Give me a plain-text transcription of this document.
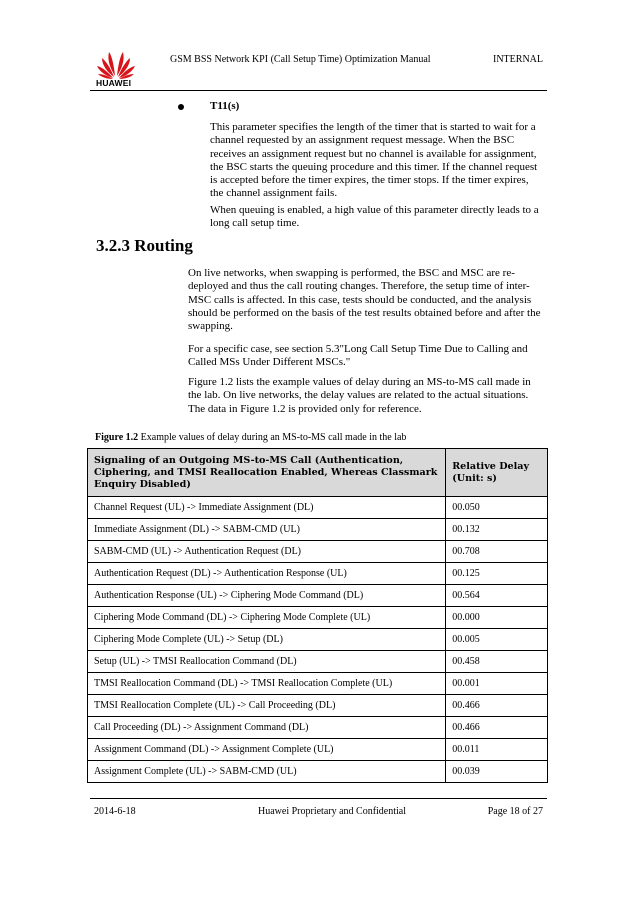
HUAWEI
GSM BSS Network KPI (Call Setup Time) Optimization Manual	INTERNAL
T11(s)

This parameter specifies the length of the timer that is started to wait for a channel requested by an assignment request message. When the BSC receives an assignment request but no channel is available for assignment, the BSC starts the queuing procedure and this timer. If the channel request is accepted before the timer expires, the timer stops. If the timer expires, the channel assignment fails.

When queuing is enabled, a high value of this parameter directly leads to a long call setup time.

3.2.3 Routing

On live networks, when swapping is performed, the BSC and MSC are re-deployed and thus the call routing changes. Therefore, the setup time of inter-MSC calls is affected. In this case, tests should be conducted, and the analysis should be performed on the basis of the test results obtained before and after the swapping.

For a specific case, see section 5.3"Long Call Setup Time Due to Calling and Called MSs Under Different MSCs."

Figure 1.2 lists the example values of delay during an MS-to-MS call made in the lab. On live networks, the delay values are related to the actual situations. The data in Figure 1.2 is provided only for reference.

Figure 1.2 Example values of delay during an MS-to-MS call made in the lab
Signaling of an Outgoing MS-to-MS Call (Authentication, Ciphering, and TMSI Reallocation Enabled, Whereas Classmark Enquiry Disabled)	Relative Delay (Unit: s)
Channel Request (UL) -> Immediate Assignment (DL)	00.050
Immediate Assignment (DL) -> SABM-CMD (UL)	00.132
SABM-CMD (UL) -> Authentication Request (DL)	00.708
Authentication Request (DL) -> Authentication Response (UL)	00.125
Authentication Response (UL) -> Ciphering Mode Command (DL)	00.564
Ciphering Mode Command (DL) -> Ciphering Mode Complete (UL)	00.000
Ciphering Mode Complete (UL) -> Setup (DL)	00.005
Setup (UL) -> TMSI Reallocation Command (DL)	00.458
TMSI Reallocation Command (DL) -> TMSI Reallocation Complete (UL)	00.001
TMSI Reallocation Complete (UL) -> Call Proceeding (DL)	00.466
Call Proceeding (DL) -> Assignment Command (DL)	00.466
Assignment Command (DL) -> Assignment Complete (UL)	00.011
Assignment Complete (UL) -> SABM-CMD (UL)	00.039
2014-6-18	Huawei Proprietary and Confidential	Page 18 of 27
